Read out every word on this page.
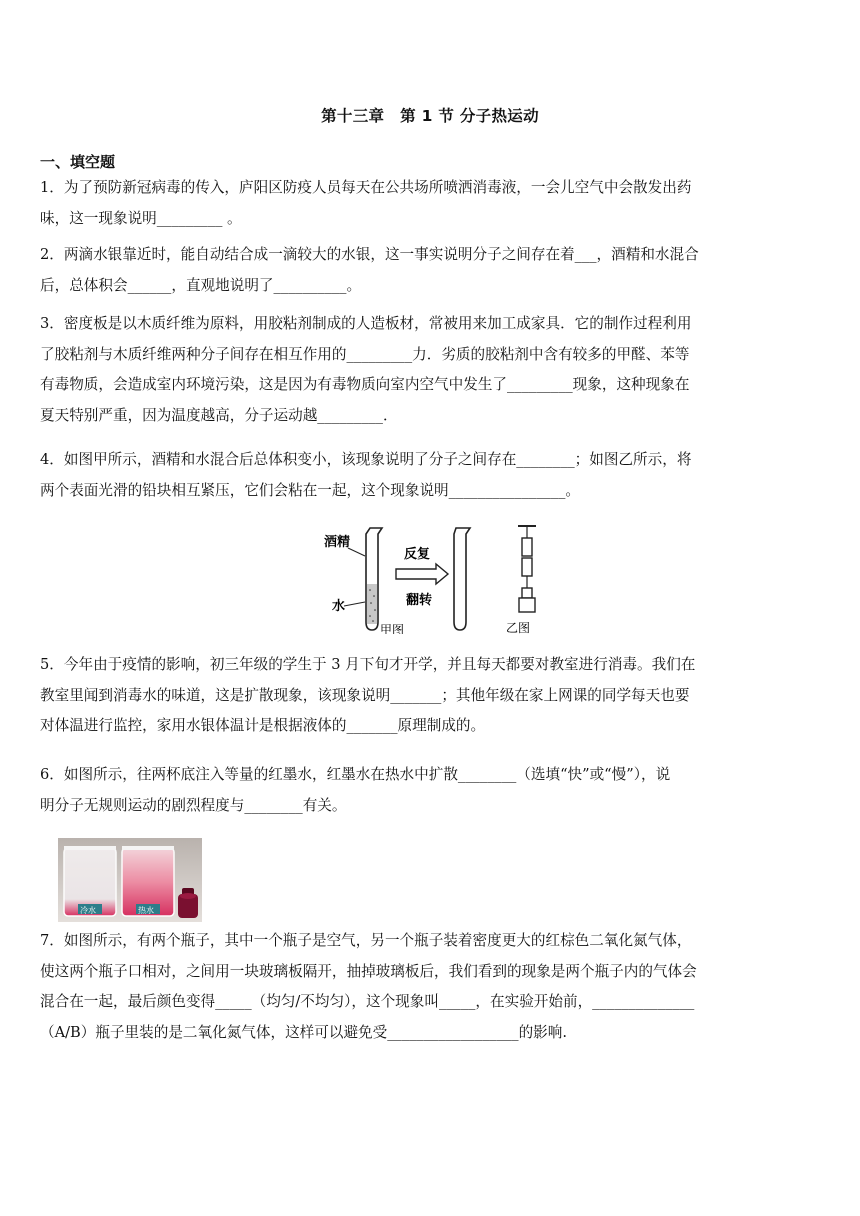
第十三章　第 1 节 分子热运动
一、填空题

1．为了预防新冠病毒的传入，庐阳区防疫人员每天在公共场所喷洒消毒液，一会儿空气中会散发出药

味，这一现象说明_________ 。

2．两滴水银靠近时，能自动结合成一滴较大的水银，这一事实说明分子之间存在着___，酒精和水混合

后，总体积会______，直观地说明了__________。

3．密度板是以木质纤维为原料，用胶粘剂制成的人造板材，常被用来加工成家具．它的制作过程利用

了胶粘剂与木质纤维两种分子间存在相互作用的_________力．劣质的胶粘剂中含有较多的甲醛、苯等

有毒物质，会造成室内环境污染，这是因为有毒物质向室内空气中发生了_________现象，这种现象在

夏天特别严重，因为温度越高，分子运动越_________．

4．如图甲所示，酒精和水混合后总体积变小，该现象说明了分子之间存在________；如图乙所示，将

两个表面光滑的铅块相互紧压，它们会粘在一起，这个现象说明________________。

酒精
水
反复
翻转
甲图	乙图

5．今年由于疫情的影响，初三年级的学生于 3 月下旬才开学，并且每天都要对教室进行消毒。我们在

教室里闻到消毒水的味道，这是扩散现象，该现象说明_______；其他年级在家上网课的同学每天也要

对体温进行监控，家用水银体温计是根据液体的_______原理制成的。

6．如图所示，往两杯底注入等量的红墨水，红墨水在热水中扩散________（选填“快”或“慢”），说

明分子无规则运动的剧烈程度与________有关。

冷水	热水

7．如图所示，有两个瓶子，其中一个瓶子是空气，另一个瓶子装着密度更大的红棕色二氧化氮气体，

使这两个瓶子口相对，之间用一块玻璃板隔开，抽掉玻璃板后，我们看到的现象是两个瓶子内的气体会

混合在一起，最后颜色变得_____（均匀/不均匀），这个现象叫_____，在实验开始前，______________

（A/B）瓶子里装的是二氧化氮气体，这样可以避免受__________________的影响.
